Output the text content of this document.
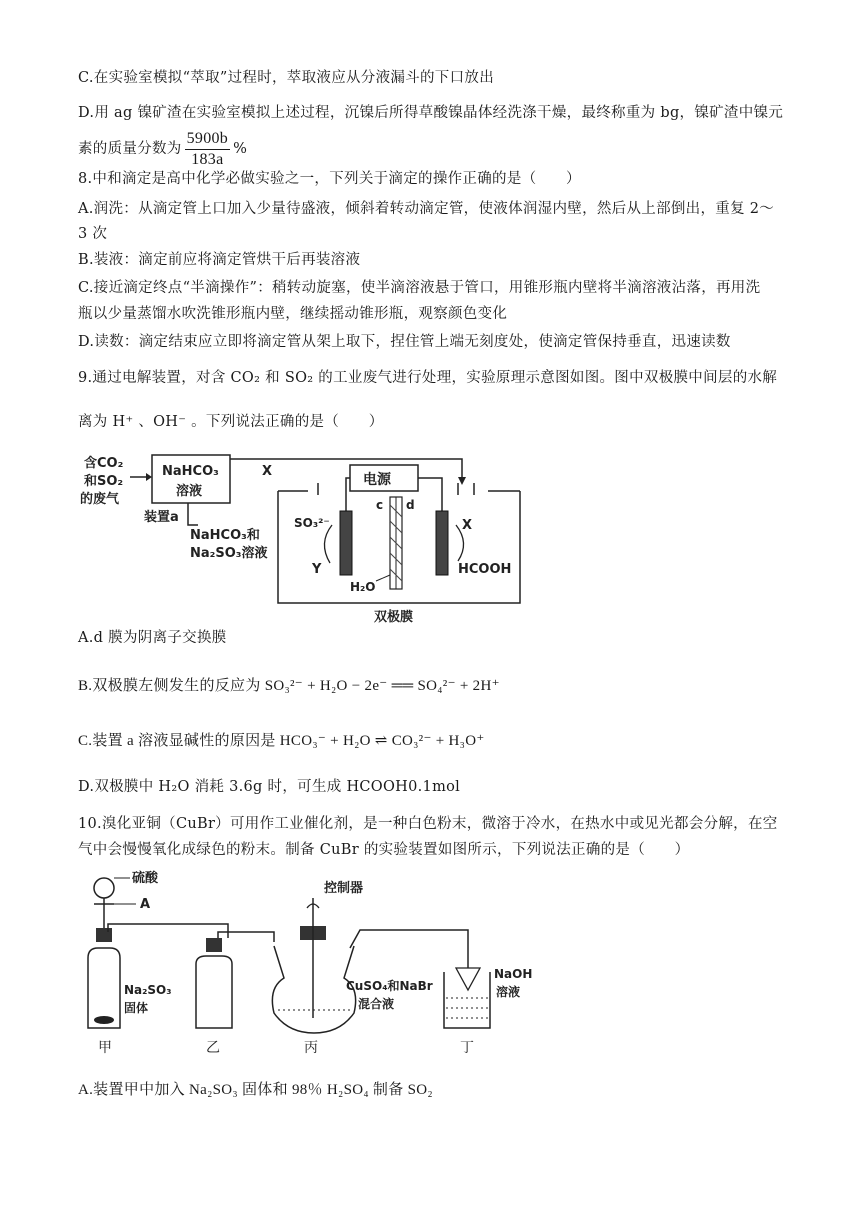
C.在实验室模拟“萃取”过程时，萃取液应从分液漏斗的下口放出
D.用 ag 镍矿渣在实验室模拟上述过程，沉镍后所得草酸镍晶体经洗涤干燥，最终称重为 bg，镍矿渣中镍元
素的质量分数为 $\frac{5900b}{183a}$ %
8.中和滴定是高中化学必做实验之一，下列关于滴定的操作正确的是（　　）
A.润洗：从滴定管上口加入少量待盛液，倾斜着转动滴定管，使液体润湿内壁，然后从上部倒出，重复 2～
3 次
B.装液：滴定前应将滴定管烘干后再装溶液
C.接近滴定终点“半滴操作”：稍转动旋塞，使半滴溶液悬于管口，用锥形瓶内壁将半滴溶液沾落，再用洗
瓶以少量蒸馏水吹洗锥形瓶内壁，继续摇动锥形瓶，观察颜色变化
D.读数：滴定结束应立即将滴定管从架上取下，捏住管上端无刻度处，使滴定管保持垂直，迅速读数
9.通过电解装置，对含 CO₂ 和 SO₂ 的工业废气进行处理，实验原理示意图如图。图中双极膜中间层的水解
离为 H⁺ 、OH⁻ 。下列说法正确的是（　　）
含CO₂
和SO₂
的废气
NaHCO₃
溶液
X
装置a
NaHCO₃和
Na₂SO₃溶液
电源
c d
SO₃²⁻
Y
H₂O
X
HCOOH
双极膜
A.d 膜为阴离子交换膜
B.双极膜左侧发生的反应为 SO₃²⁻ + H₂O − 2e⁻ ══ SO₄²⁻ + 2H⁺
C.装置 a 溶液显碱性的原因是 HCO₃⁻ + H₂O ⇌ CO₃²⁻ + H₃O⁺
D.双极膜中 H₂O 消耗 3.6g 时，可生成 HCOOH0.1mol
10.溴化亚铜（CuBr）可用作工业催化剂，是一种白色粉末，微溶于冷水，在热水中或见光都会分解，在空
气中会慢慢氧化成绿色的粉末。制备 CuBr 的实验装置如图所示，下列说法正确的是（　　）
硫酸
A
Na₂SO₃
固体
控制器
CuSO₄和NaBr
混合液
NaOH
溶液
甲	乙	丙	丁
A.装置甲中加入 Na₂SO₃ 固体和 98％ H₂SO₄ 制备 SO₂
